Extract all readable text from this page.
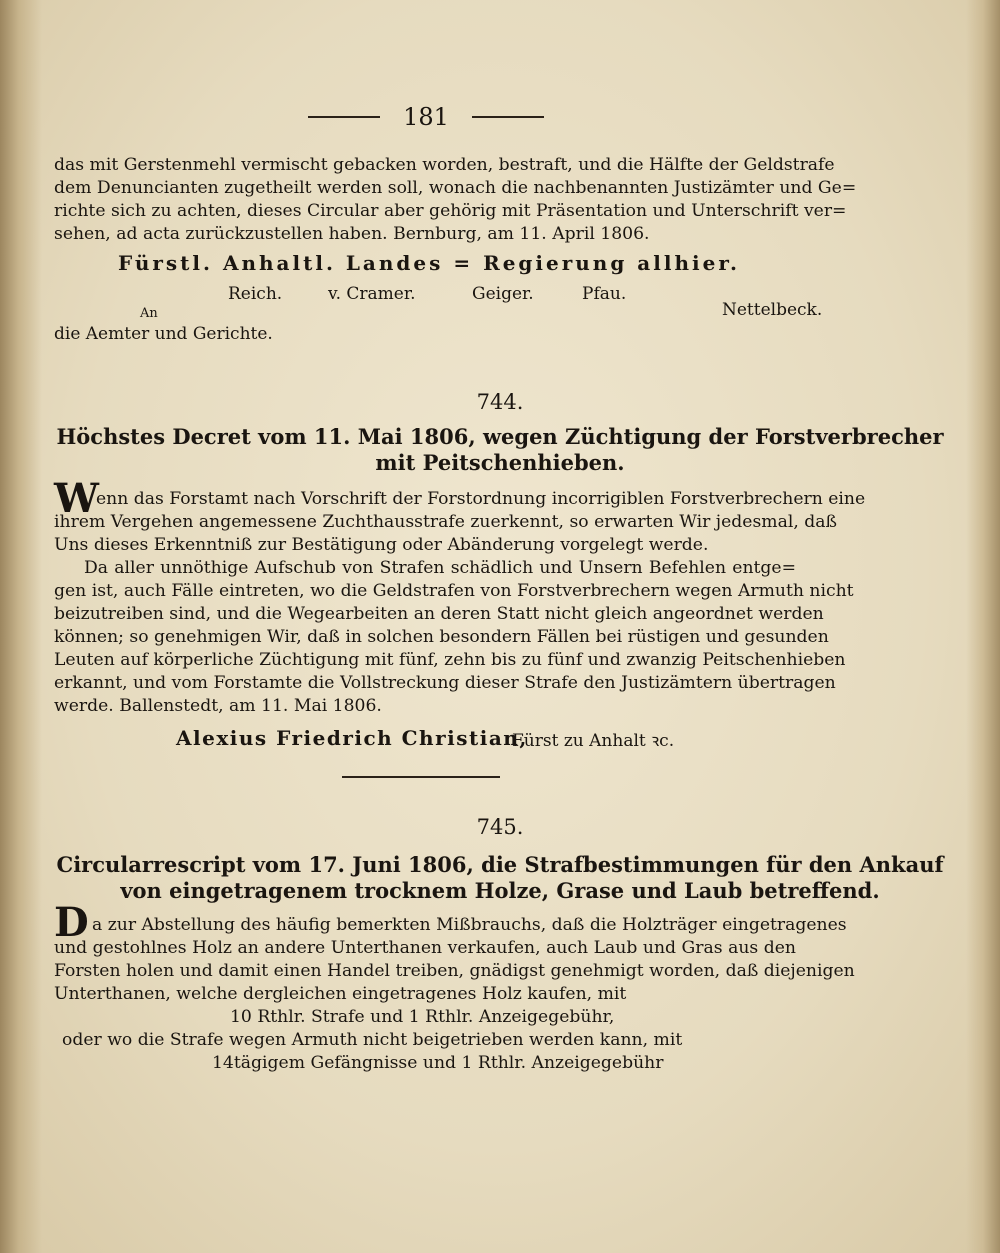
181
das mit Gerstenmehl vermischt gebacken worden, bestraft, und die Hälfte der Geldstrafe
dem Denuncianten zugetheilt werden soll, wonach die nachbenannten Justizämter und Ge=
richte sich zu achten, dieses Circular aber gehörig mit Präsentation und Unterschrift ver=
sehen, ad acta zurückzustellen haben. Bernburg, am 11. April 1806.
Fürstl. Anhaltl. Landes = Regierung allhier.
Reich.	v. Cramer.	Geiger.	Pfau.
Nettelbeck.
An
die Aemter und Gerichte.
744.
Höchstes Decret vom 11. Mai 1806, wegen Züchtigung der Forstverbrecher
mit Peitschenhieben.
W
enn das Forstamt nach Vorschrift der Forstordnung incorrigiblen Forstverbrechern eine
ihrem Vergehen angemessene Zuchthausstrafe zuerkennt, so erwarten Wir jedesmal, daß
Uns dieses Erkenntniß zur Bestätigung oder Abänderung vorgelegt werde.
Da aller unnöthige Aufschub von Strafen schädlich und Unsern Befehlen entge=
gen ist, auch Fälle eintreten, wo die Geldstrafen von Forstverbrechern wegen Armuth nicht
beizutreiben sind, und die Wegearbeiten an deren Statt nicht gleich angeordnet werden
können; so genehmigen Wir, daß in solchen besondern Fällen bei rüstigen und gesunden
Leuten auf körperliche Züchtigung mit fünf, zehn bis zu fünf und zwanzig Peitschenhieben
erkannt, und vom Forstamte die Vollstreckung dieser Strafe den Justizämtern übertragen
werde. Ballenstedt, am 11. Mai 1806.
Alexius Friedrich Christian,
Fürst zu Anhalt ꝛc.
745.
Circularrescript vom 17. Juni 1806, die Strafbestimmungen für den Ankauf
von eingetragenem trocknem Holze, Grase und Laub betreffend.
D a zur Abstellung des häufig bemerkten Mißbrauchs, daß die Holzträger eingetragenes
und gestohlnes Holz an andere Unterthanen verkaufen, auch Laub und Gras aus den
Forsten holen und damit einen Handel treiben, gnädigst genehmigt worden, daß diejenigen
Unterthanen, welche dergleichen eingetragenes Holz kaufen, mit
10 Rthlr. Strafe und 1 Rthlr. Anzeigegebühr,
oder wo die Strafe wegen Armuth nicht beigetrieben werden kann, mit
14tägigem Gefängnisse und 1 Rthlr. Anzeigegebühr
